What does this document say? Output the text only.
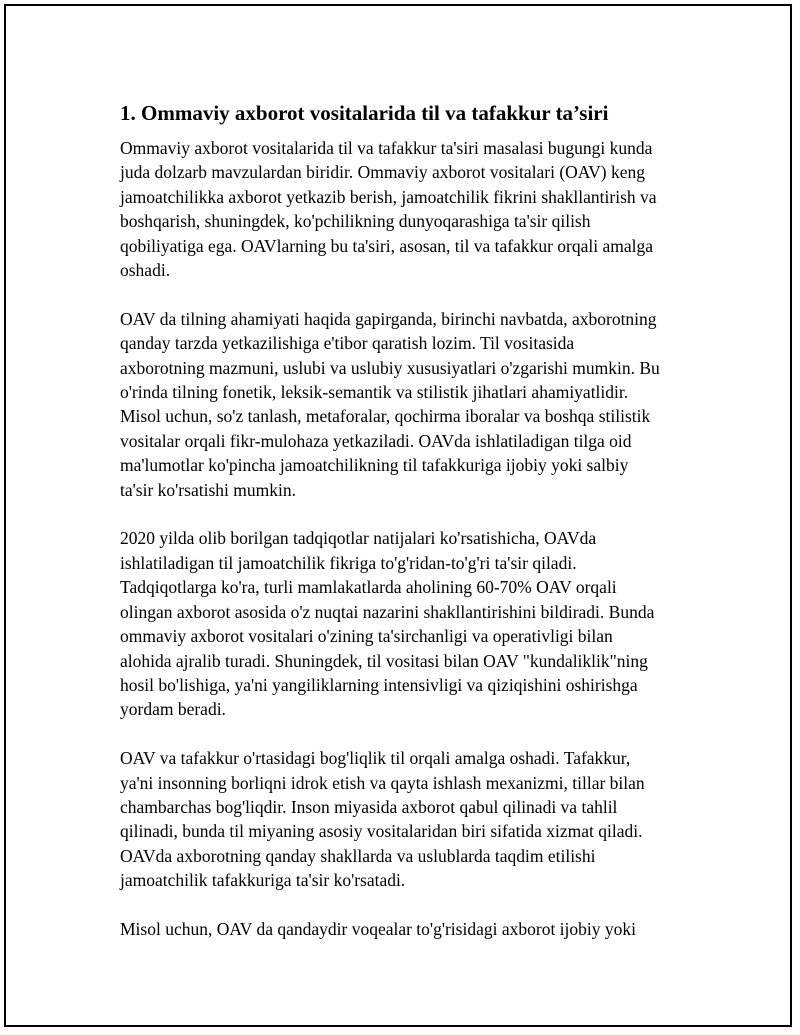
1. Ommaviy axborot vositalarida til va tafakkur ta’siri

Ommaviy axborot vositalarida til va tafakkur ta'siri masalasi bugungi kunda
juda dolzarb mavzulardan biridir. Ommaviy axborot vositalari (OAV) keng
jamoatchilikka axborot yetkazib berish, jamoatchilik fikrini shakllantirish va
boshqarish, shuningdek, ko'pchilikning dunyoqarashiga ta'sir qilish
qobiliyatiga ega. OAVlarning bu ta'siri, asosan, til va tafakkur orqali amalga
oshadi.

OAV da tilning ahamiyati haqida gapirganda, birinchi navbatda, axborotning
qanday tarzda yetkazilishiga e'tibor qaratish lozim. Til vositasida
axborotning mazmuni, uslubi va uslubiy xususiyatlari o'zgarishi mumkin. Bu
o'rinda tilning fonetik, leksik-semantik va stilistik jihatlari ahamiyatlidir.
Misol uchun, so'z tanlash, metaforalar, qochirma iboralar va boshqa stilistik
vositalar orqali fikr-mulohaza yetkaziladi. OAVda ishlatiladigan tilga oid
ma'lumotlar ko'pincha jamoatchilikning til tafakkuriga ijobiy yoki salbiy
ta'sir ko'rsatishi mumkin.

2020 yilda olib borilgan tadqiqotlar natijalari ko'rsatishicha, OAVda
ishlatiladigan til jamoatchilik fikriga to'g'ridan-to'g'ri ta'sir qiladi.
Tadqiqotlarga ko'ra, turli mamlakatlarda aholining 60-70% OAV orqali
olingan axborot asosida o'z nuqtai nazarini shakllantirishini bildiradi. Bunda
ommaviy axborot vositalari o'zining ta'sirchanligi va operativligi bilan
alohida ajralib turadi. Shuningdek, til vositasi bilan OAV "kundaliklik"ning
hosil bo'lishiga, ya'ni yangiliklarning intensivligi va qiziqishini oshirishga
yordam beradi.

OAV va tafakkur o'rtasidagi bog'liqlik til orqali amalga oshadi. Tafakkur,
ya'ni insonning borliqni idrok etish va qayta ishlash mexanizmi, tillar bilan
chambarchas bog'liqdir. Inson miyasida axborot qabul qilinadi va tahlil
qilinadi, bunda til miyaning asosiy vositalaridan biri sifatida xizmat qiladi.
OAVda axborotning qanday shakllarda va uslublarda taqdim etilishi
jamoatchilik tafakkuriga ta'sir ko'rsatadi.

Misol uchun, OAV da qandaydir voqealar to'g'risidagi axborot ijobiy yoki
